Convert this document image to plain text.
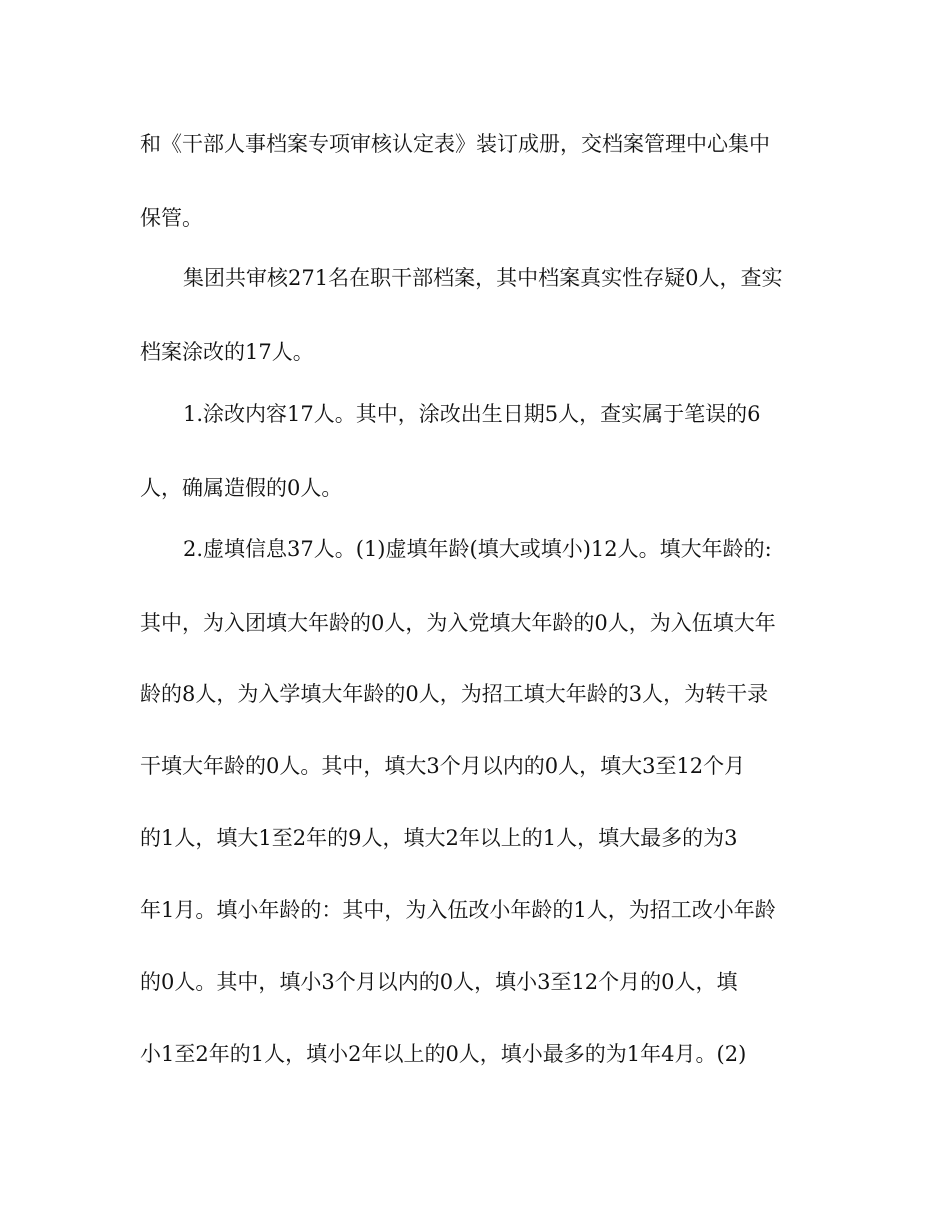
和《干部人事档案专项审核认定表》装订成册，交档案管理中心集中
保管。
集团共审核271名在职干部档案，其中档案真实性存疑0人，查实
档案涂改的17人。
1.涂改内容17人。其中，涂改出生日期5人，查实属于笔误的6
人，确属造假的0人。
2.虚填信息37人。(1)虚填年龄(填大或填小)12人。填大年龄的:
其中，为入团填大年龄的0人，为入党填大年龄的0人，为入伍填大年
龄的8人，为入学填大年龄的0人，为招工填大年龄的3人，为转干录
干填大年龄的0人。其中，填大3个月以内的0人，填大3至12个月
的1人，填大1至2年的9人，填大2年以上的1人，填大最多的为3
年1月。填小年龄的：其中，为入伍改小年龄的1人，为招工改小年龄
的0人。其中，填小3个月以内的0人，填小3至12个月的0人，填
小1至2年的1人，填小2年以上的0人，填小最多的为1年4月。(2)
